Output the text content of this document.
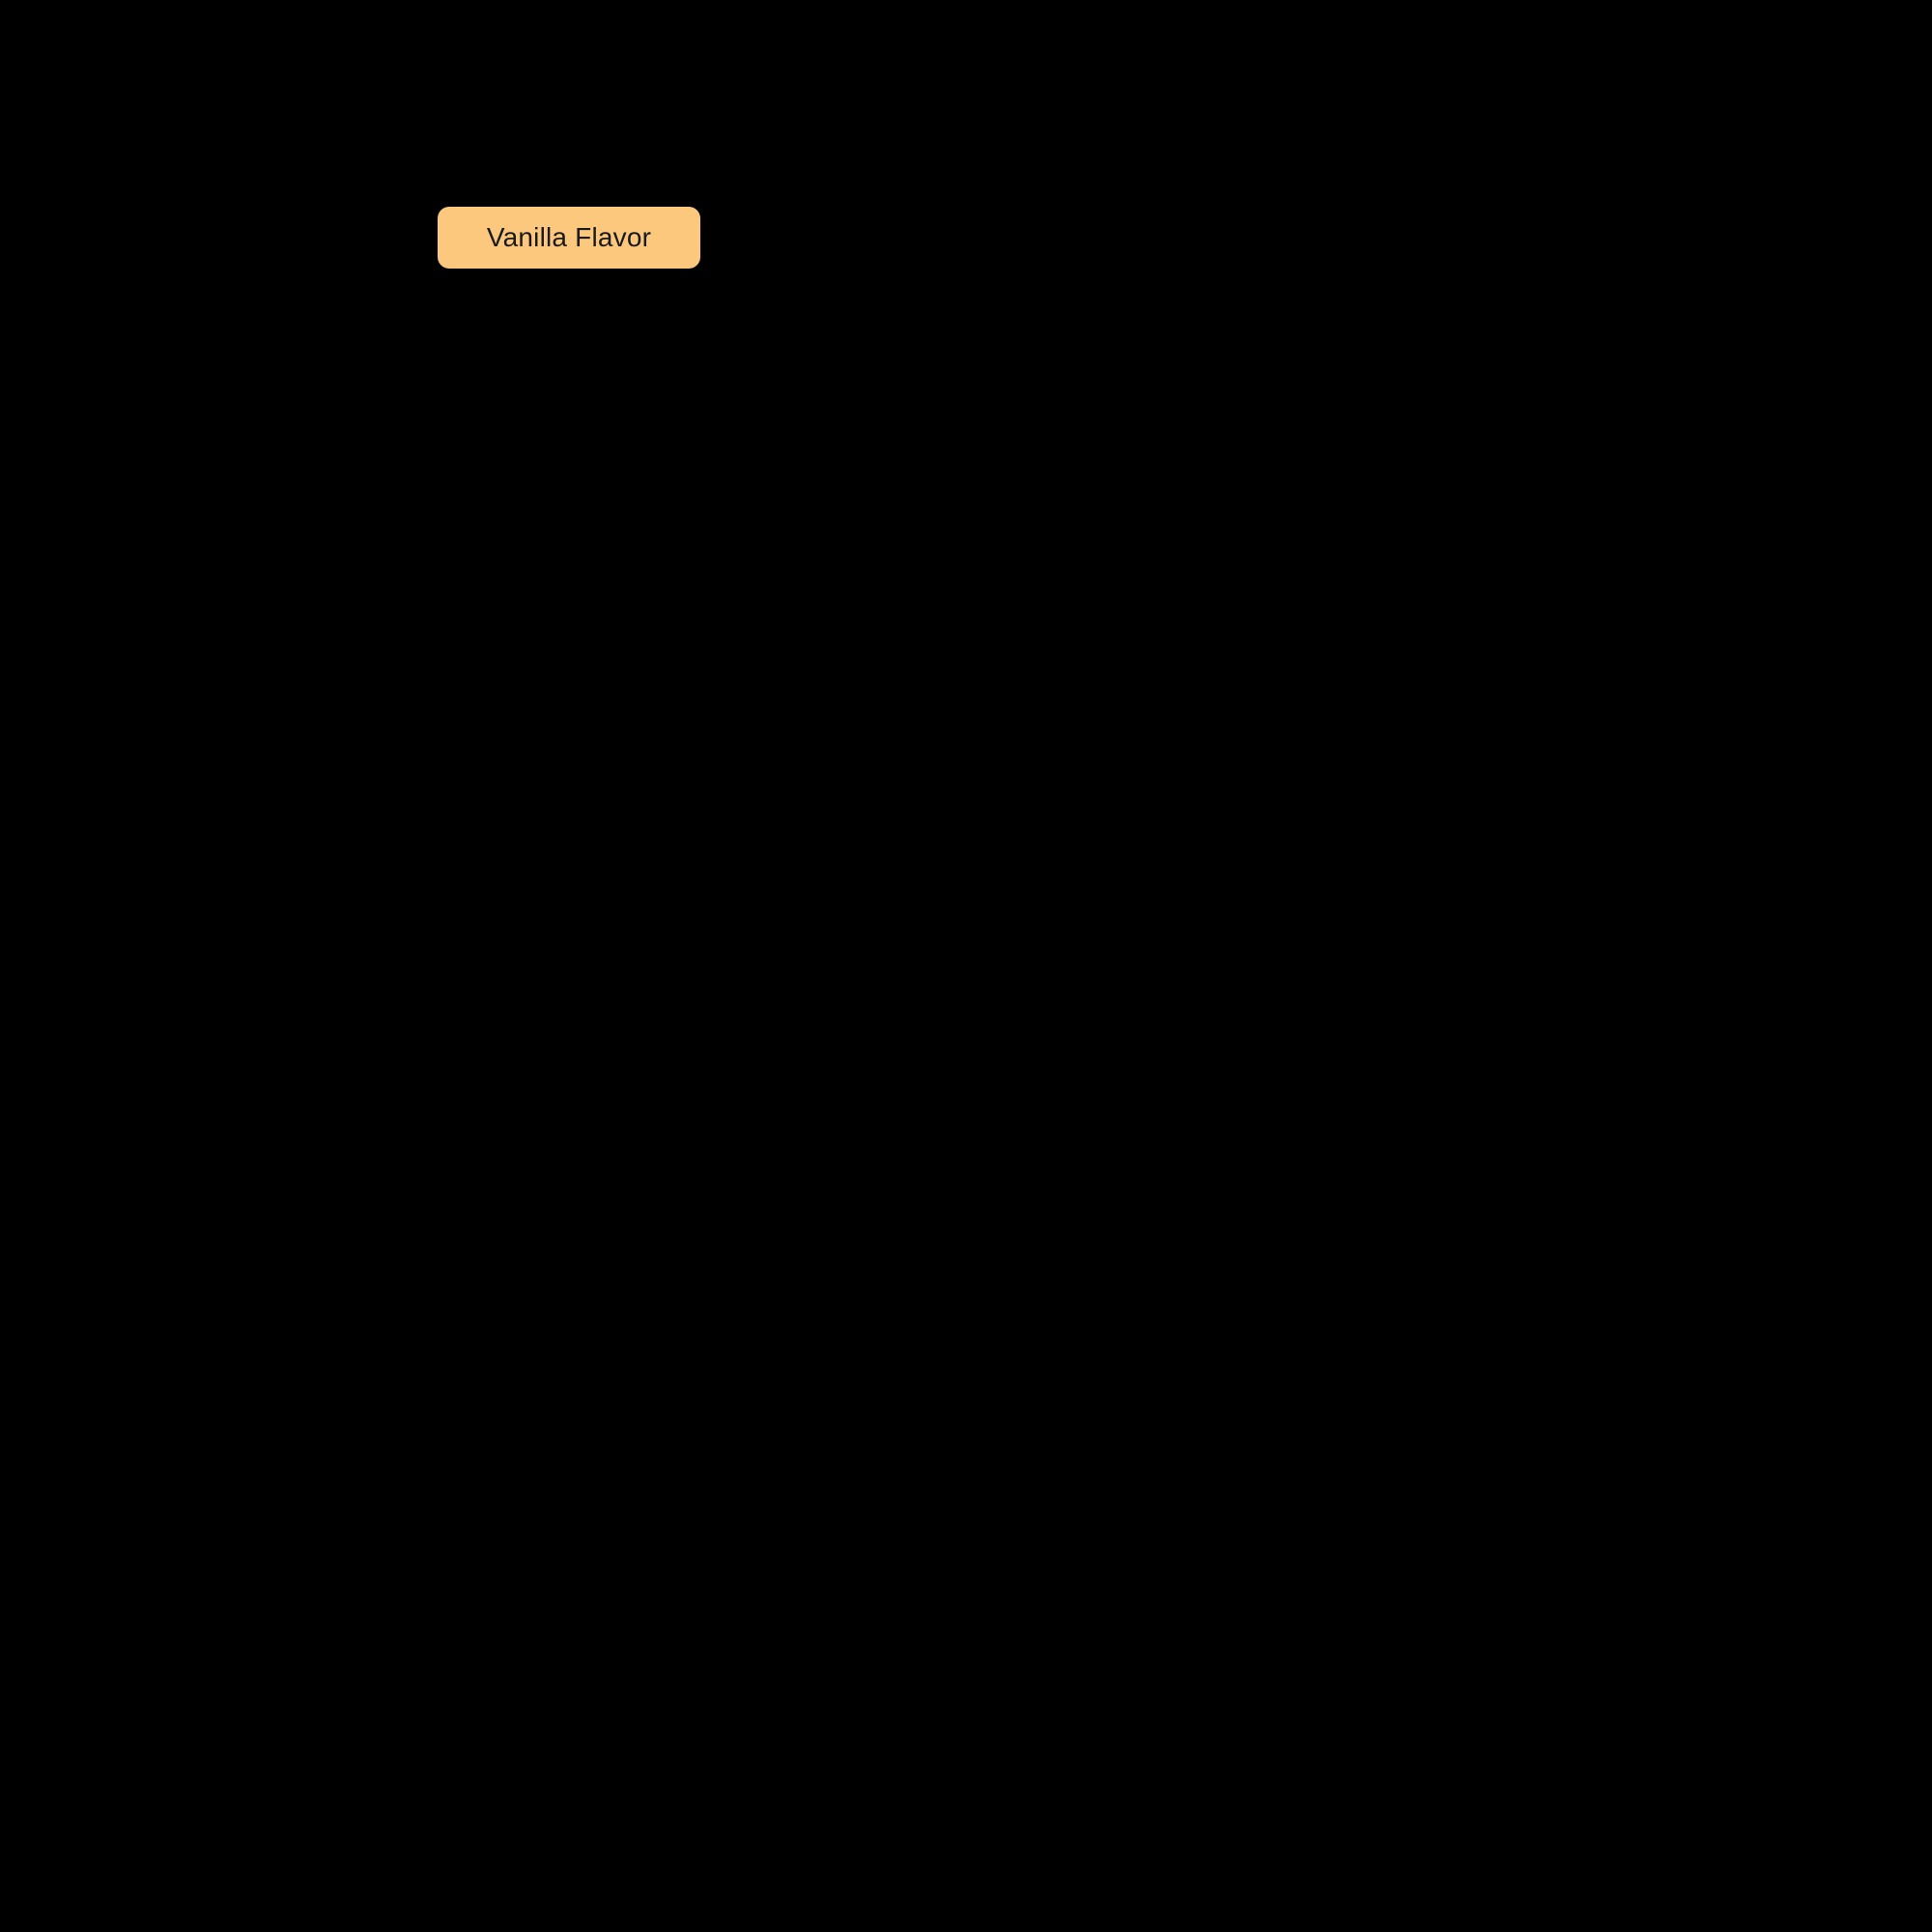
Vanilla Flavor
